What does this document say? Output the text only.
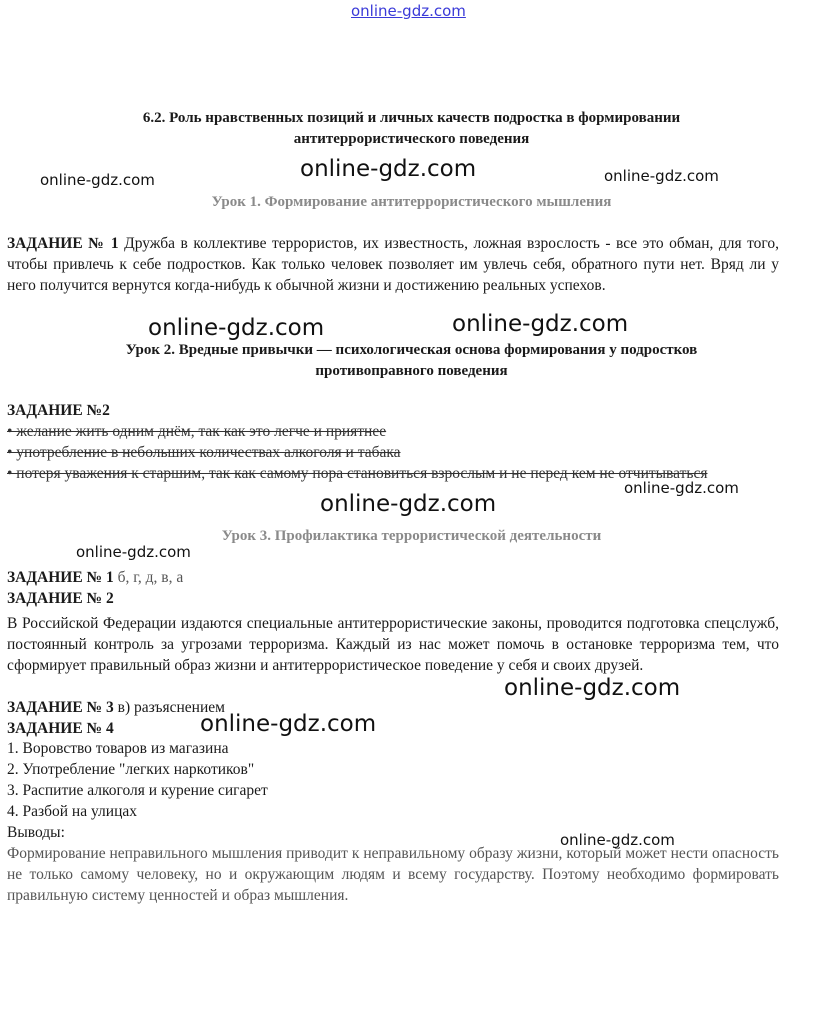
online-gdz.com
6.2. Роль нравственных позиций и личных качеств подростка в формировании
антитеррористического поведения
Урок 1. Формирование антитеррористического мышления
ЗАДАНИЕ № 1 Дружба в коллективе террористов, их известность, ложная взрослость - все это обман, для того, чтобы привлечь к себе подростков. Как только человек позволяет им увлечь себя, обратного пути нет. Вряд ли у него получится вернутся когда-нибудь к обычной жизни и достижению реальных успехов.
Урок 2. Вредные привычки — психологическая основа формирования у подростков
противоправного поведения
ЗАДАНИЕ №2
• желание жить одним днём, так как это легче и приятнее
• употребление в небольших количествах алкоголя и табака
• потеря уважения к старшим, так как самому пора становиться взрослым и не перед кем не отчитываться
Урок 3. Профилактика террористической деятельности
ЗАДАНИЕ № 1 б, г, д, в, а
ЗАДАНИЕ № 2
В Российской Федерации издаются специальные антитеррористические законы, проводится подготовка спецслужб, постоянный контроль за угрозами терроризма. Каждый из нас может помочь в остановке терроризма тем, что сформирует правильный образ жизни и антитеррористическое поведение у себя и своих друзей.
ЗАДАНИЕ № 3 в) разъяснением
ЗАДАНИЕ № 4
1. Воровство товаров из магазина
2. Употребление "легких наркотиков"
3. Распитие алкоголя и курение сигарет
4. Разбой на улицах
Выводы:
Формирование неправильного мышления приводит к неправильному образу жизни, который может нести опасность не только самому человеку, но и окружающим людям и всему государству. Поэтому необходимо формировать правильную систему ценностей и образ мышления.
online-gdz.com
online-gdz.com	online-gdz.com
online-gdz.com	online-gdz.com
online-gdz.com
online-gdz.com
online-gdz.com
online-gdz.com
online-gdz.com
online-gdz.com
